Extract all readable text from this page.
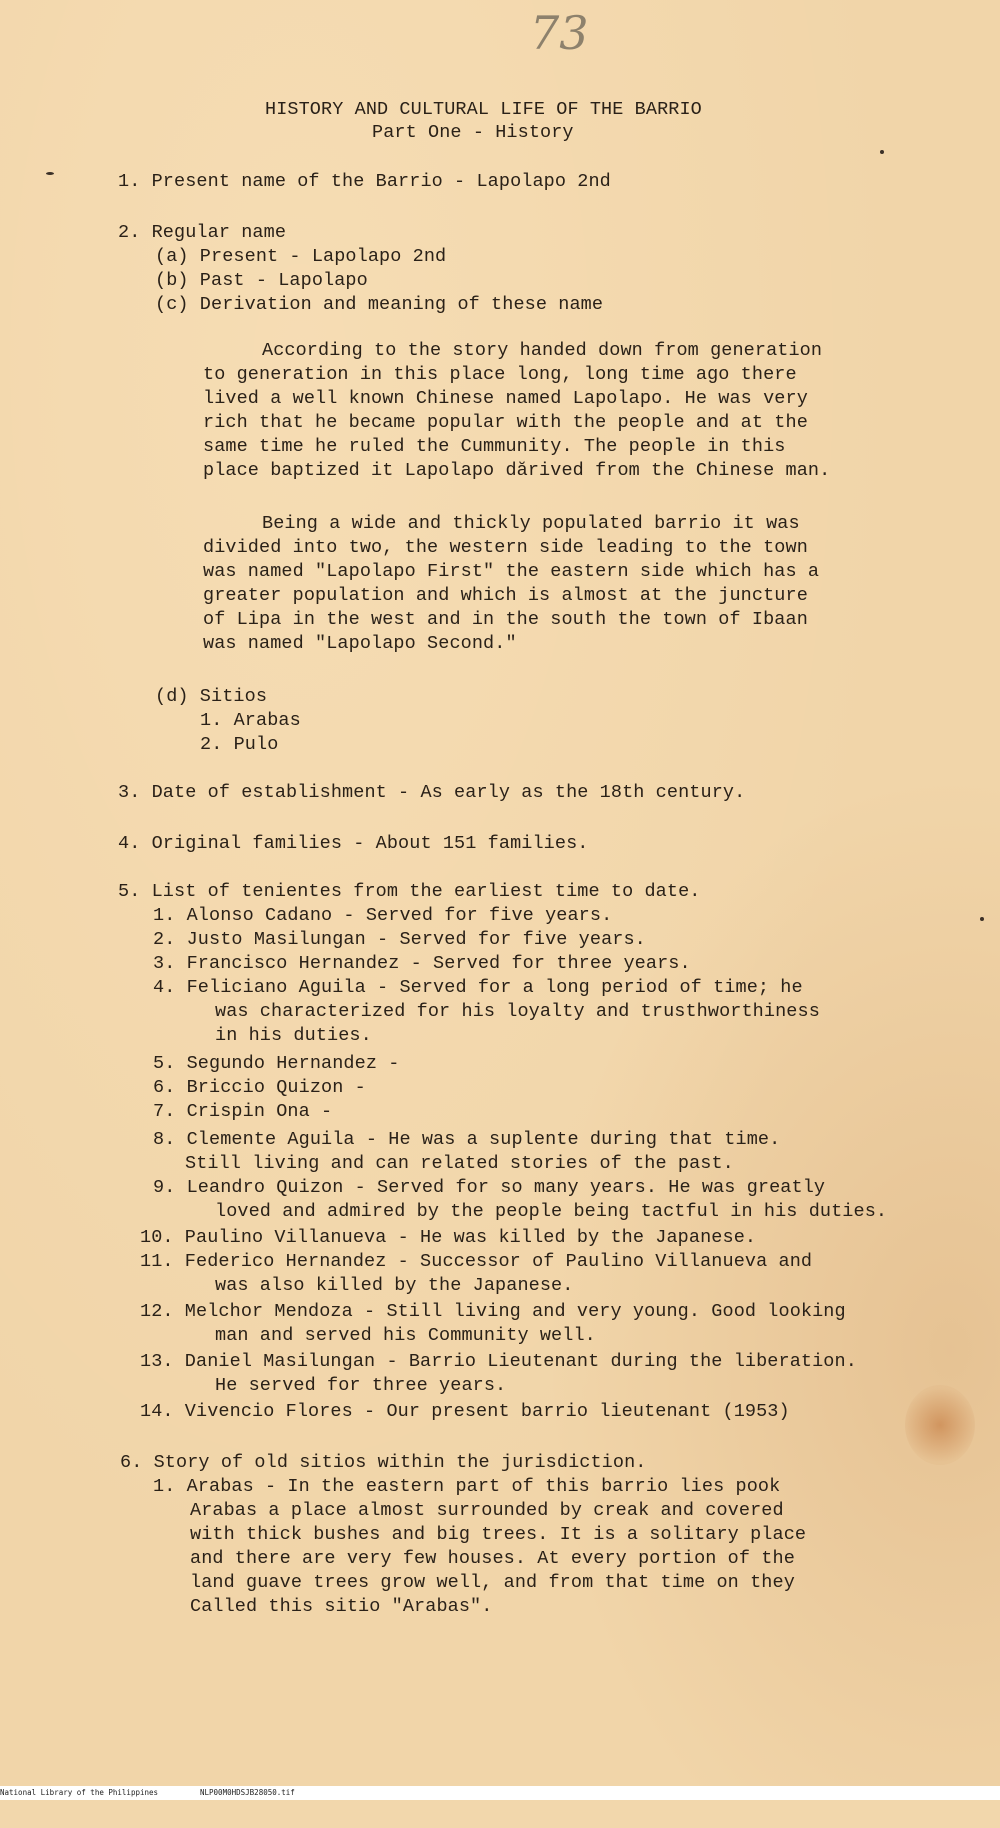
73
HISTORY AND CULTURAL LIFE OF THE BARRIO
Part One - History
1. Present name of the Barrio - Lapolapo 2nd
2. Regular name
(a) Present - Lapolapo 2nd
(b) Past - Lapolapo
(c) Derivation and meaning of these name
According to the story handed down from generation
to generation in this place long, long time ago there
lived a well known Chinese named Lapolapo. He was very
rich that he became popular with the people and at the
same time he ruled the Cummunity. The people in this
place baptized it Lapolapo dărived from the Chinese man.
Being a wide and thickly populated barrio it was
divided into two, the western side leading to the town
was named "Lapolapo First" the eastern side which has a
greater population and which is almost at the juncture
of Lipa in the west and in the south the town of Ibaan
was named "Lapolapo Second."
(d) Sitios
1. Arabas
2. Pulo
3. Date of establishment - As early as the 18th century.
4. Original families - About 151 families.
5. List of tenientes from the earliest time to date.
1. Alonso Cadano - Served for five years.
2. Justo Masilungan - Served for five years.
3. Francisco Hernandez - Served for three years.
4. Feliciano Aguila - Served for a long period of time; he
was characterized for his loyalty and trusthworthiness
in his duties.
5. Segundo Hernandez -
6. Briccio Quizon -
7. Crispin Ona -
8. Clemente Aguila - He was a suplente during that time.
Still living and can related stories of the past.
9. Leandro Quizon - Served for so many years. He was greatly
loved and admired by the people being tactful in his duties.
10. Paulino Villanueva - He was killed by the Japanese.
11. Federico Hernandez - Successor of Paulino Villanueva and
was also killed by the Japanese.
12. Melchor Mendoza - Still living and very young. Good looking
man and served his Community well.
13. Daniel Masilungan - Barrio Lieutenant during the liberation.
He served for three years.
14. Vivencio Flores - Our present barrio lieutenant (1953)
6. Story of old sitios within the jurisdiction.
1. Arabas - In the eastern part of this barrio lies pook
Arabas a place almost surrounded by creak and covered
with thick bushes and big trees. It is a solitary place
and there are very few houses. At every portion of the
land guave trees grow well, and from that time on they
Called this sitio "Arabas".

National Library of the Philippines

	NLP00M0HDSJB28050.tif
